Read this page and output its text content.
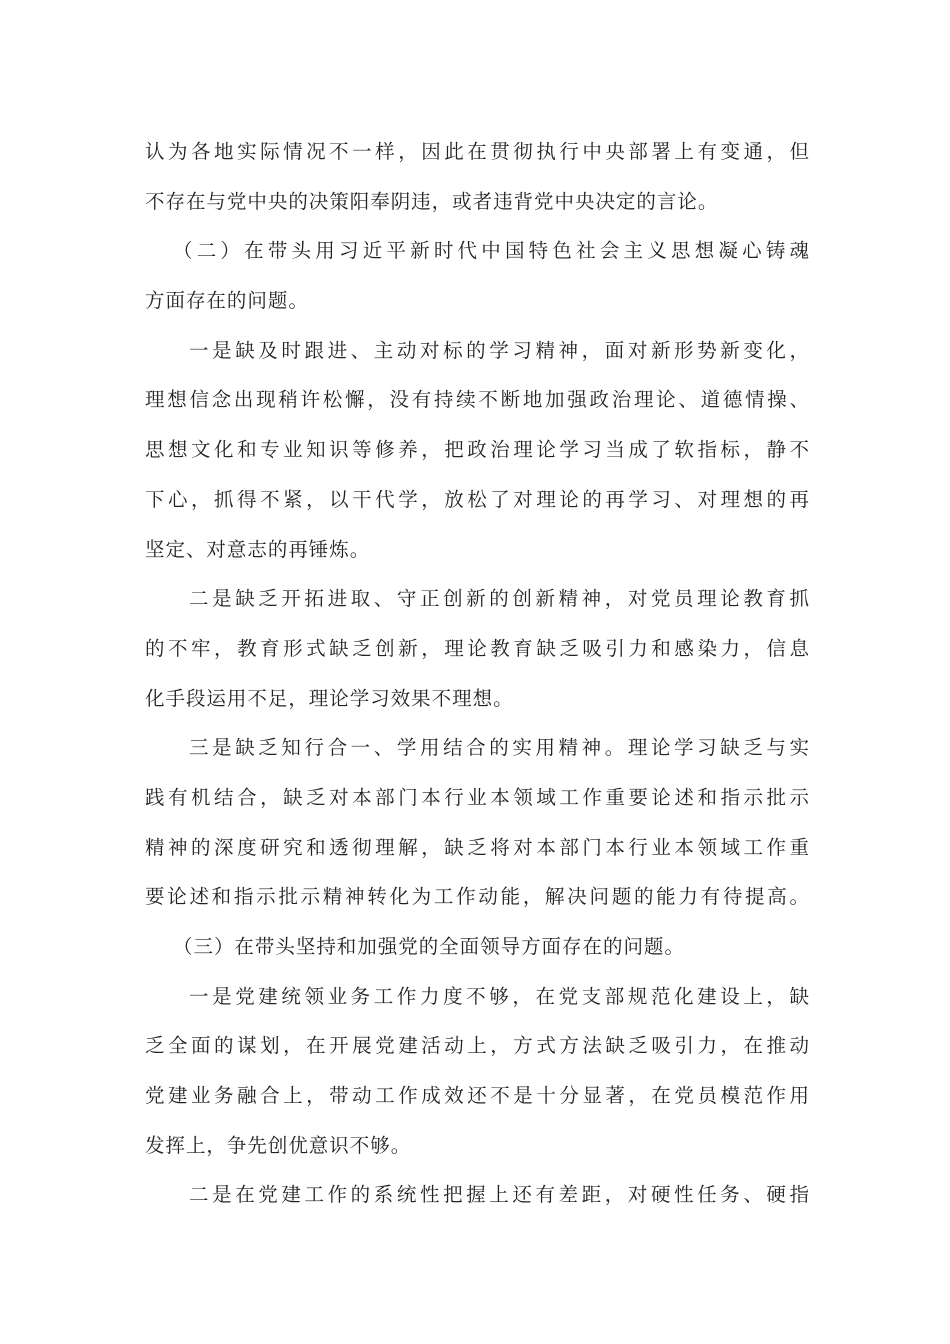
认为各地实际情况不一样，因此在贯彻执行中央部署上有变通，但
不存在与党中央的决策阳奉阴违，或者违背党中央决定的言论。
（二）在带头用习近平新时代中国特色社会主义思想凝心铸魂
方面存在的问题。
一是缺及时跟进、主动对标的学习精神，面对新形势新变化，
理想信念出现稍许松懈，没有持续不断地加强政治理论、道德情操、
思想文化和专业知识等修养，把政治理论学习当成了软指标，静不
下心，抓得不紧，以干代学，放松了对理论的再学习、对理想的再
坚定、对意志的再锤炼。
二是缺乏开拓进取、守正创新的创新精神，对党员理论教育抓
的不牢，教育形式缺乏创新，理论教育缺乏吸引力和感染力，信息
化手段运用不足，理论学习效果不理想。
三是缺乏知行合一、学用结合的实用精神。理论学习缺乏与实
践有机结合，缺乏对本部门本行业本领域工作重要论述和指示批示
精神的深度研究和透彻理解，缺乏将对本部门本行业本领域工作重
要论述和指示批示精神转化为工作动能，解决问题的能力有待提高。
（三）在带头坚持和加强党的全面领导方面存在的问题。
一是党建统领业务工作力度不够，在党支部规范化建设上，缺
乏全面的谋划，在开展党建活动上，方式方法缺乏吸引力，在推动
党建业务融合上，带动工作成效还不是十分显著，在党员模范作用
发挥上，争先创优意识不够。
二是在党建工作的系统性把握上还有差距，对硬性任务、硬指
